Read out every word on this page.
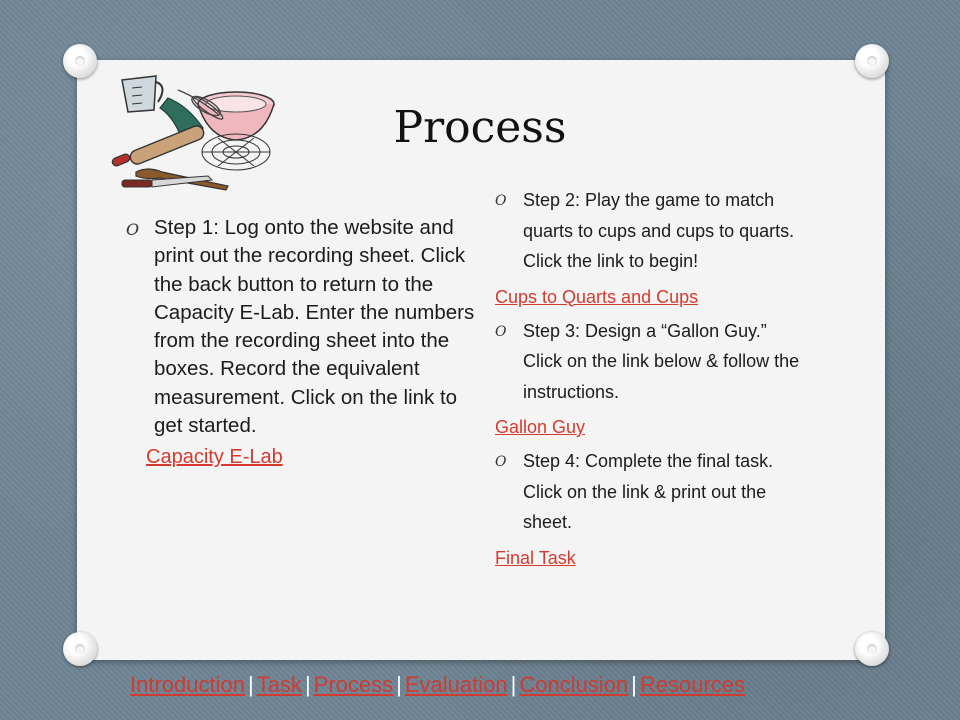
Process
O Step 1: Log onto the website and print out the recording sheet. Click the back button to return to the Capacity E-Lab. Enter the numbers from the recording sheet into the boxes. Record the equivalent measurement. Click on the link to get started.
Capacity E-Lab
O Step 2: Play the game to match quarts to cups and cups to quarts. Click the link to begin!
Cups to Quarts and Cups
O Step 3: Design a “Gallon Guy.” Click on the link below & follow the instructions.
Gallon Guy
O Step 4: Complete the final task. Click on the link & print out the sheet.
Final Task
Introduction | Task | Process | Evaluation | Conclusion | Resources
